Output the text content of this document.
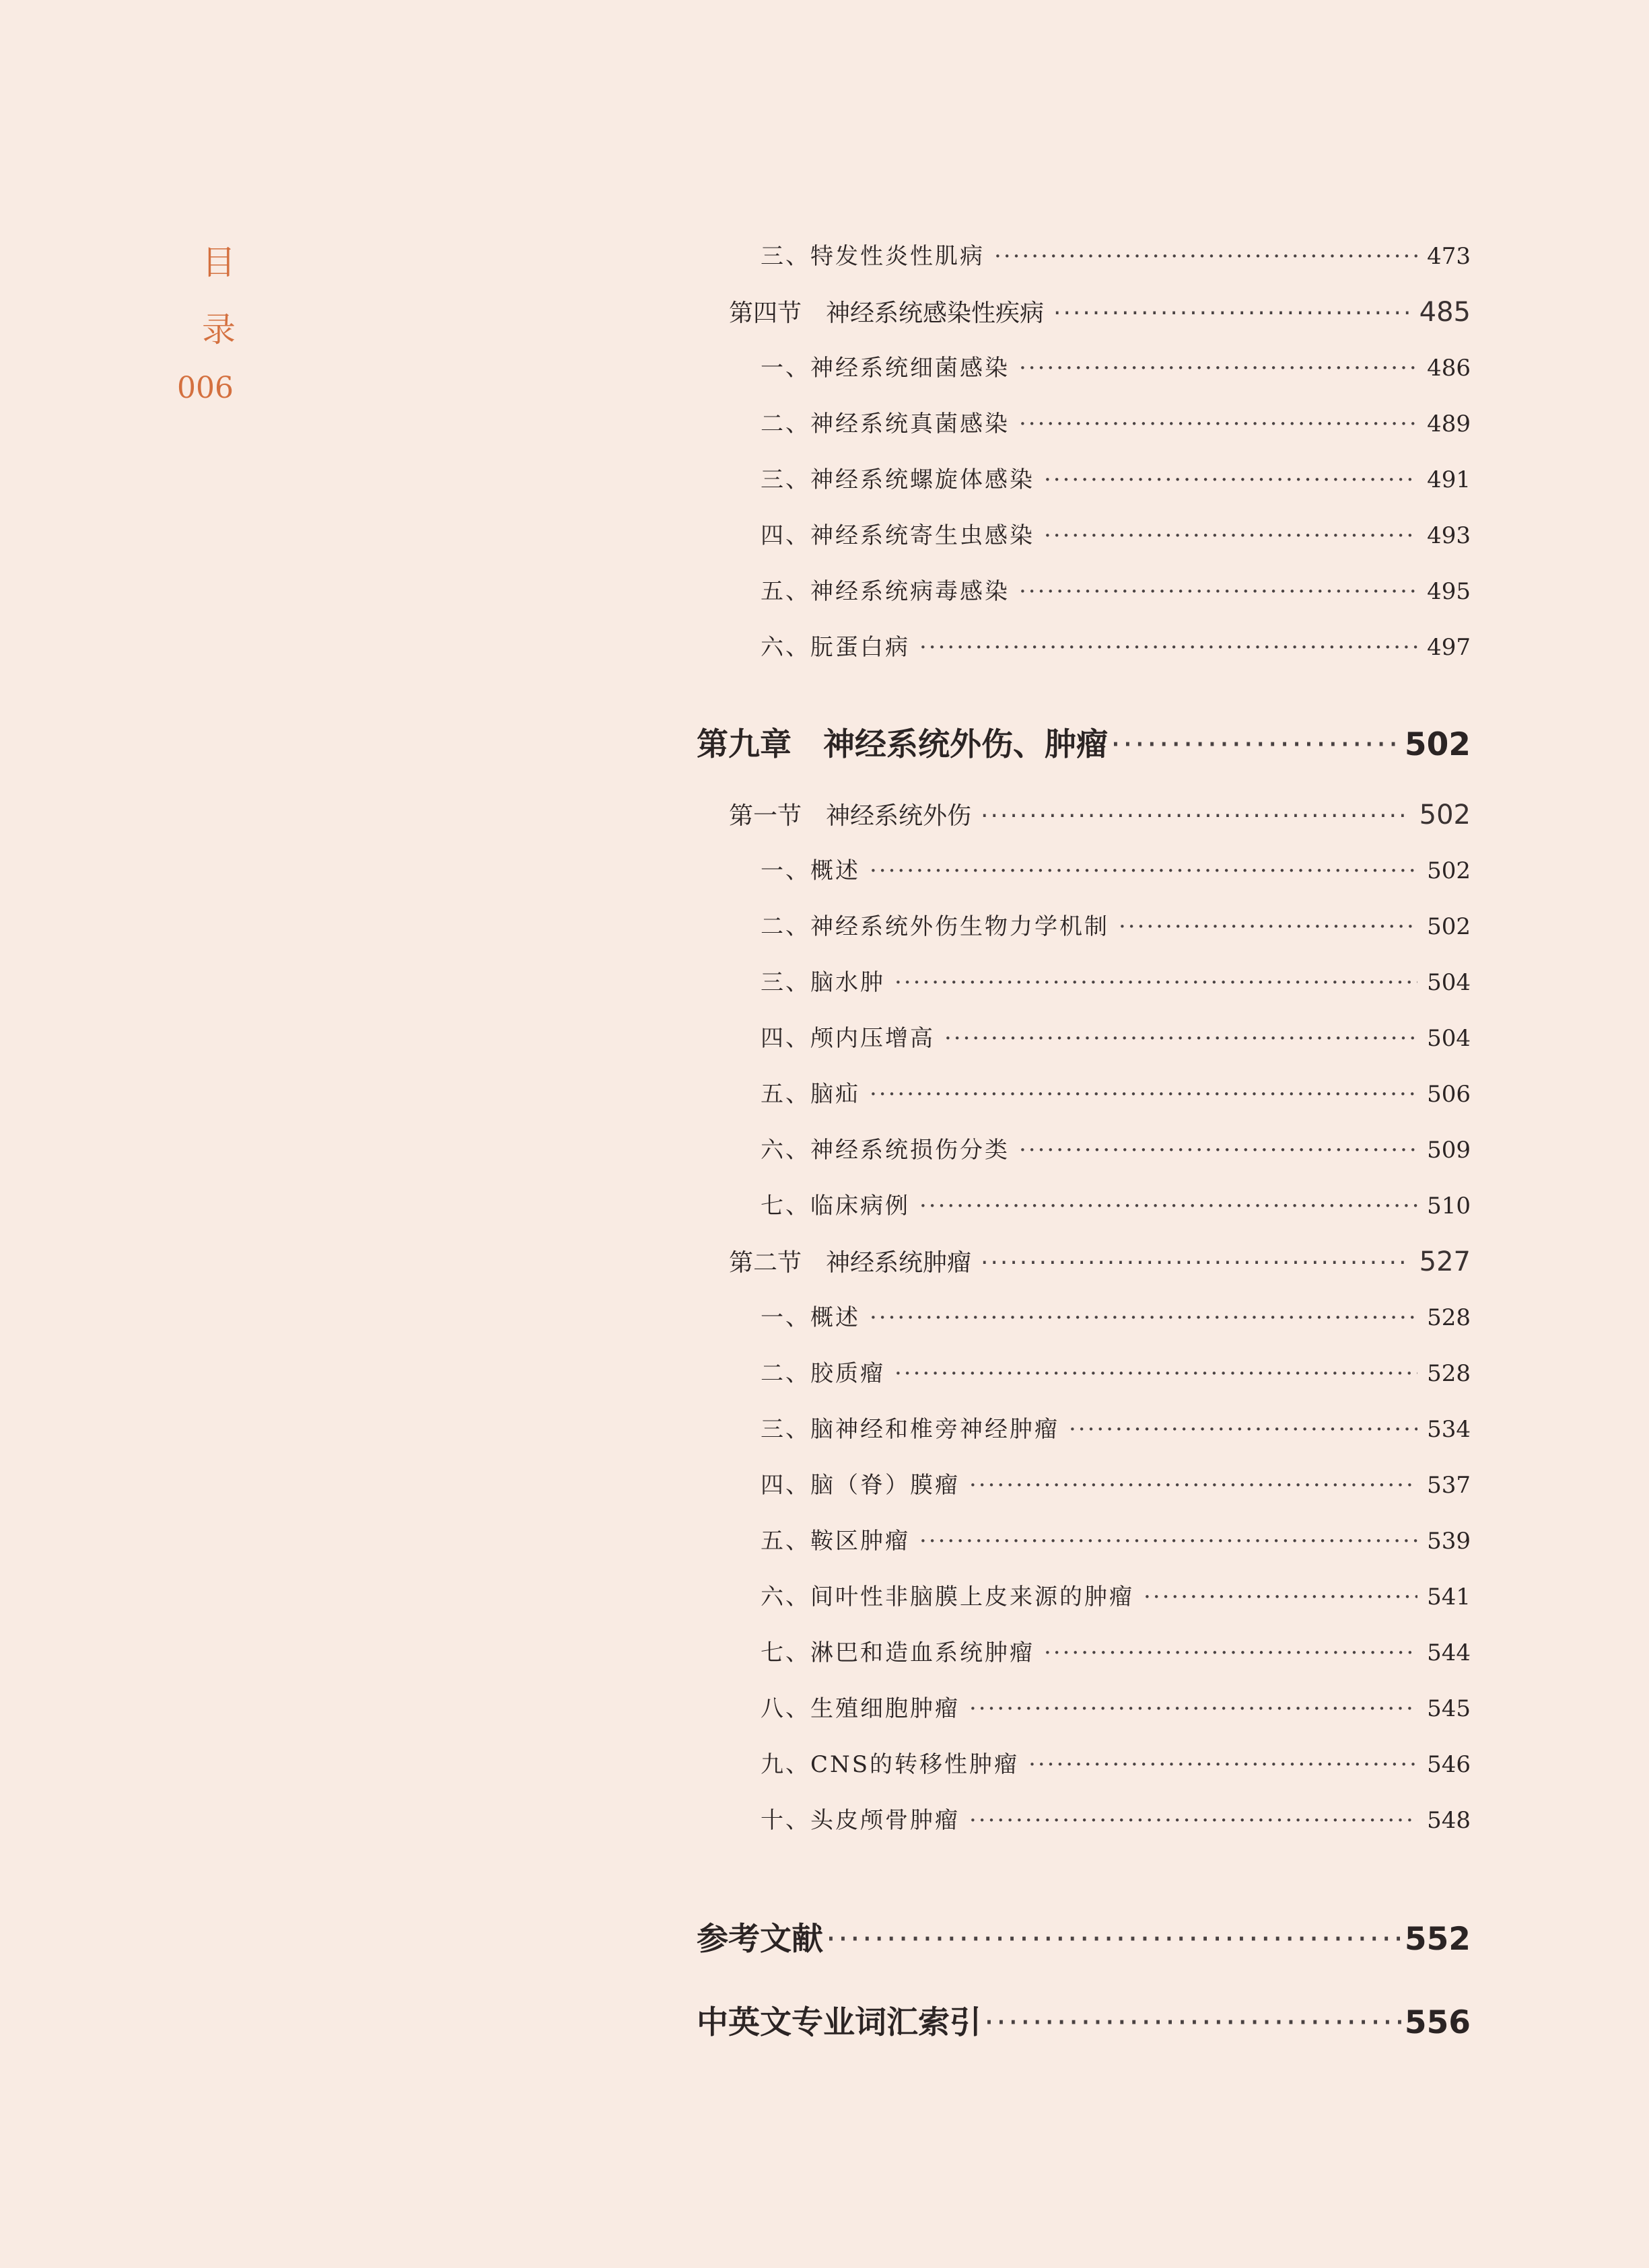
目
录
006
三、特发性炎性肌病 ·····	473
第四节　神经系统感染性疾病 ·····	485
一、神经系统细菌感染 ·····	486
二、神经系统真菌感染 ·····	489
三、神经系统螺旋体感染 ·····	491
四、神经系统寄生虫感染 ·····	493
五、神经系统病毒感染 ·····	495
六、朊蛋白病 ·····	497
第九章　神经系统外伤、肿瘤 ·····	502
第一节　神经系统外伤 ·····	502
一、概述 ·····	502
二、神经系统外伤生物力学机制 ·····	502
三、脑水肿 ·····	504
四、颅内压增高 ·····	504
五、脑疝 ·····	506
六、神经系统损伤分类 ·····	509
七、临床病例 ·····	510
第二节　神经系统肿瘤 ·····	527
一、概述 ·····	528
二、胶质瘤 ·····	528
三、脑神经和椎旁神经肿瘤 ·····	534
四、脑（脊）膜瘤 ·····	537
五、鞍区肿瘤 ·····	539
六、间叶性非脑膜上皮来源的肿瘤 ·····	541
七、淋巴和造血系统肿瘤 ·····	544
八、生殖细胞肿瘤 ·····	545
九、CNS的转移性肿瘤 ·····	546
十、头皮颅骨肿瘤 ·····	548
参考文献 ·····	552
中英文专业词汇索引 ·····	556
